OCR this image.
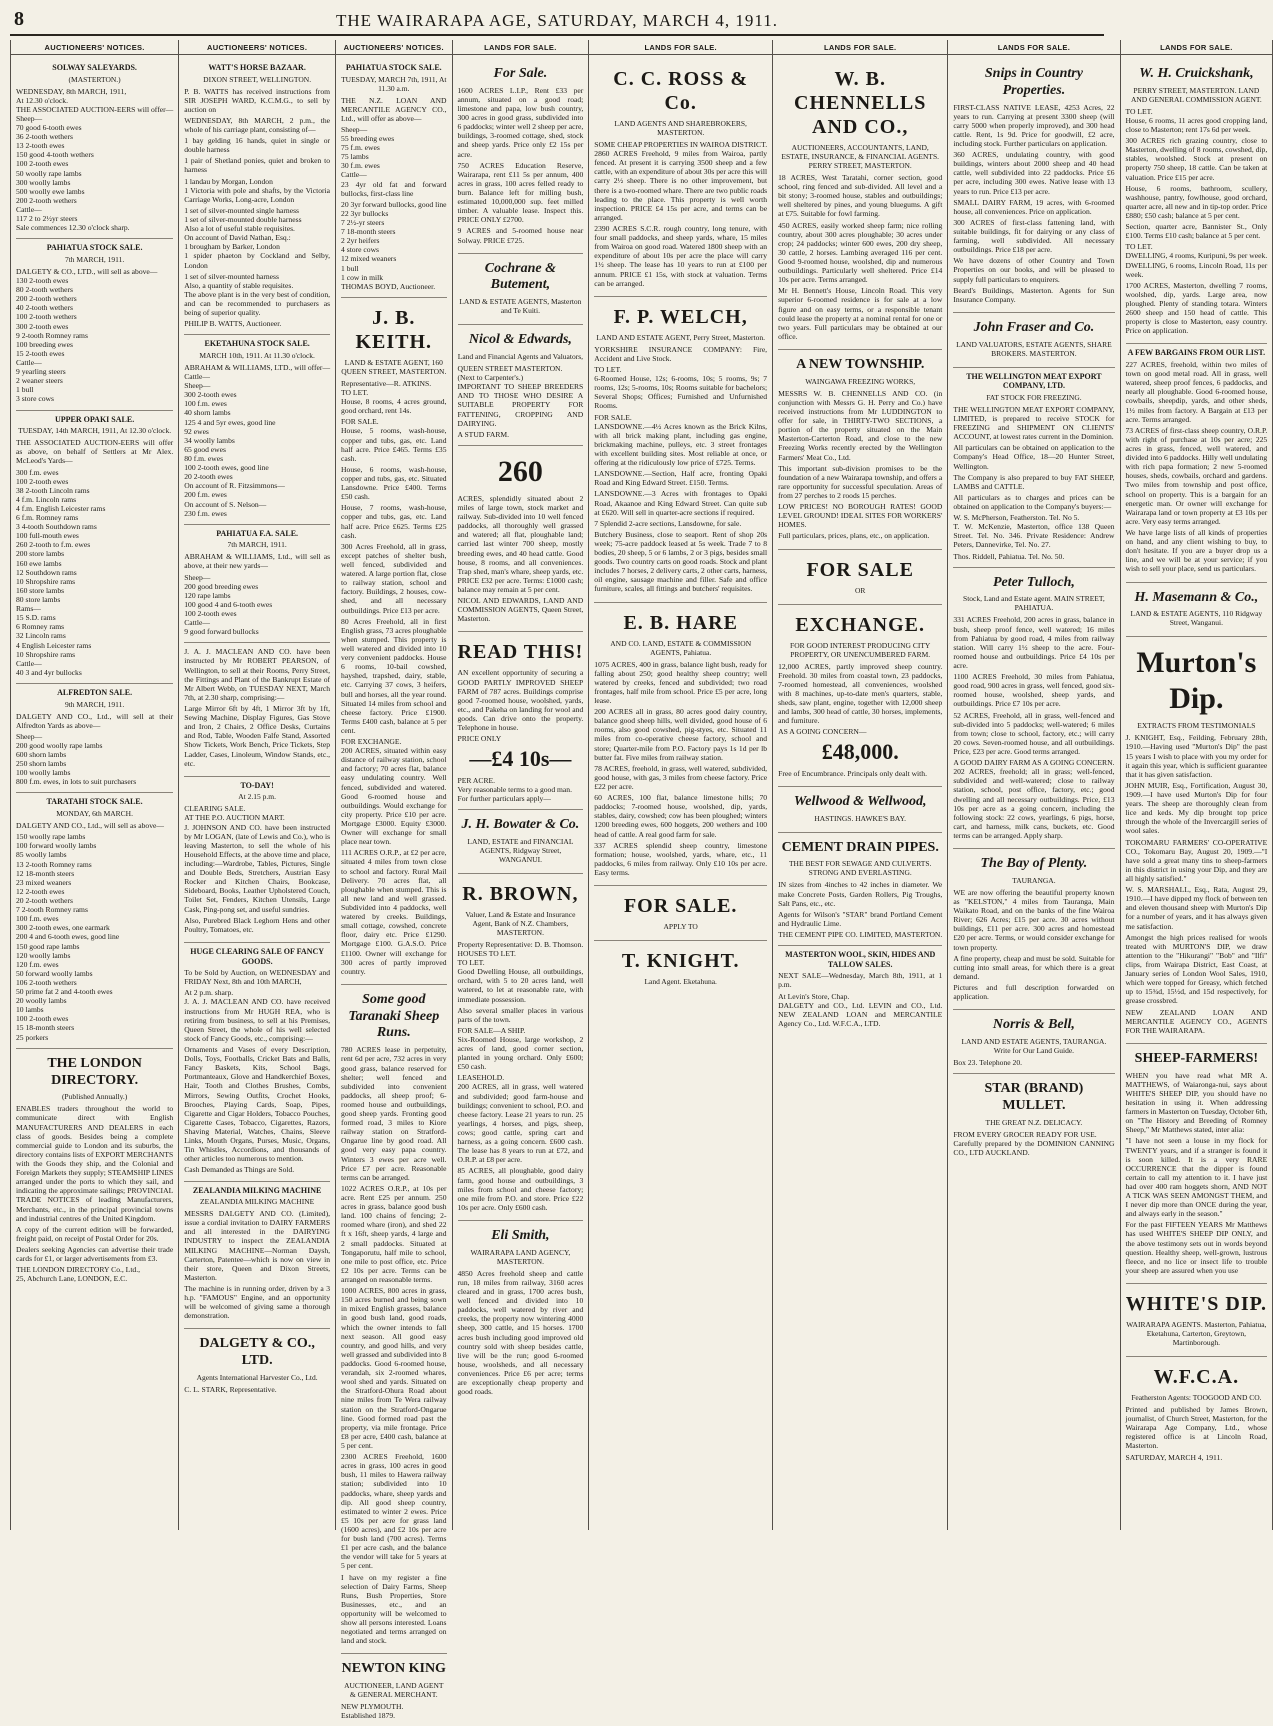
8	THE WAIRARAPA AGE, SATURDAY, MARCH 4, 1911.
AUCTIONEERS' NOTICES.
SOLWAY SALEYARDS.
(MASTERTON.)
WEDNESDAY, 8th MARCH, 1911,
At 12.30 o'clock.
THE ASSOCIATED AUCTION-EERS will offer—
Sheep—
70 good 6-tooth ewes
36 2-tooth wethers
13 2-tooth ewes
150 good 4-tooth wethers
100 2-tooth ewes
50 woolly rape lambs
300 woolly lambs
500 woolly ewe lambs
200 2-tooth wethers
Cattle—
117 2 to 2½yr steers
Sale commences 12.30 o'clock sharp.
PAHIATUA STOCK SALE.
7th MARCH, 1911.
DALGETY & CO., LTD., will sell as above—
130 2-tooth ewes
80 2-tooth wethers
200 2-tooth wethers
40 2-tooth wethers
100 2-tooth wethers
300 2-tooth ewes
9 2-tooth Romney rams
100 breeding ewes
15 2-tooth ewes
Cattle—
9 yearling steers
2 weaner steers
1 bull
3 store cows
UPPER OPAKI SALE.
TUESDAY, 14th MARCH, 1911, At 12.30 o'clock.
THE ASSOCIATED AUCTION-EERS will offer as above, on behalf of Settlers at Mr Alex. McLeod's Yards—
300 f.m. ewes
100 2-tooth ewes
38 2-tooth Lincoln rams
4 f.m. Lincoln rams
4 f.m. English Leicester rams
6 f.m. Romney rams
3 4-tooth Southdown rams
100 full-mouth ewes
260 2-tooth to f.m. ewes
200 store lambs
160 ewe lambs
12 Southdown rams
10 Shropshire rams
160 store lambs
80 store lambs
Rams—
15 S.D. rams
6 Romney rams
32 Lincoln rams
4 English Leicester rams
10 Shropshire rams
Cattle—
40 3 and 4yr bullocks
ALFREDTON SALE.
9th MARCH, 1911.
DALGETY AND CO., Ltd., will sell at their Alfredton Yards as above—
Sheep—
200 good woolly rape lambs
600 shorn lambs
250 shorn lambs
100 woolly lambs
800 f.m. ewes, in lots to suit purchasers
TARATAHI STOCK SALE.
MONDAY, 6th MARCH.
DALGETY AND CO., Ltd., will sell as above—
150 woolly rape lambs
100 forward woolly lambs
85 woolly lambs
13 2-tooth Romney rams
12 18-month steers
23 mixed weaners
12 2-tooth ewes
20 2-tooth wethers
7 2-tooth Romney rams
100 f.m. ewes
300 2-tooth ewes, one earmark
200 4 and 6-tooth ewes, good line
150 good rape lambs
120 woolly lambs
120 f.m. ewes
50 forward woolly lambs
106 2-tooth wethers
50 prime fat 2 and 4-tooth ewes
20 woolly lambs
10 lambs
100 2-tooth ewes
15 18-month steers
25 porkers
THE LONDON DIRECTORY.
(Published Annually.)
ENABLES traders throughout the world to communicate direct with English MANUFACTURERS AND DEALERS in each class of goods. Besides being a complete commercial guide to London and its suburbs, the directory contains lists of EXPORT MERCHANTS with the Goods they ship, and the Colonial and Foreign Markets they supply; STEAMSHIP LINES arranged under the ports to which they sail, and indicating the approximate sailings; PROVINCIAL TRADE NOTICES of leading Manufacturers, Merchants, etc., in the principal provincial towns and industrial centres of the United Kingdom.
A copy of the current edition will be forwarded, freight paid, on receipt of Postal Order for 20s.
Dealers seeking Agencies can advertise their trade cards for £1, or larger advertisements from £3.
THE LONDON DIRECTORY Co., Ltd.,
25, Abchurch Lane, LONDON, E.C.
AUCTIONEERS' NOTICES.
WATT'S HORSE BAZAAR.
DIXON STREET, WELLINGTON.
P. B. WATTS has received instructions from SIR JOSEPH WARD, K.C.M.G., to sell by auction on
WEDNESDAY, 8th MARCH, 2 p.m., the whole of his carriage plant, consisting of—
1 bay gelding 16 hands, quiet in single or double harness
1 pair of Shetland ponies, quiet and broken to harness
1 landau by Morgan, London
1 Victoria with pole and shafts, by the Victoria Carriage Works, Long-acre, London
1 set of silver-mounted single harness
1 set of silver-mounted double harness
Also a lot of useful stable requisites.
On account of David Nathan, Esq.:
1 brougham by Barker, London
1 spider phaeton by Cockland and Selby, London
1 set of silver-mounted harness
Also, a quantity of stable requisites.
The above plant is in the very best of condition, and can be recommended to purchasers as being of superior quality.
PHILIP B. WATTS, Auctioneer.
EKETAHUNA STOCK SALE.
MARCH 10th, 1911. At 11.30 o'clock.
ABRAHAM & WILLIAMS, LTD., will offer—
Cattle—
Sheep—
300 2-tooth ewes
100 f.m. ewes
40 shorn lambs
125 4 and 5yr ewes, good line
92 ewes
34 woolly lambs
65 good ewes
80 f.m. ewes
100 2-tooth ewes, good line
20 2-tooth ewes
On account of R. Fitzsimmons—
200 f.m. ewes
On account of S. Nelson—
230 f.m. ewes
PAHIATUA F.A. SALE.
7th MARCH, 1911.
ABRAHAM & WILLIAMS, Ltd., will sell as above, at their new yards—
Sheep—
200 good breeding ewes
120 rape lambs
100 good 4 and 6-tooth ewes
100 2-tooth ewes
Cattle—
9 good forward bullocks
J. A. J. MACLEAN AND CO. have been instructed by Mr ROBERT PEARSON, of Wellington, to sell at their Rooms, Perry Street, the Fittings and Plant of the Bankrupt Estate of Mr Albert Webb, on TUESDAY NEXT, March 7th, at 2.30 sharp, comprising:—
Large Mirror 6ft by 4ft, 1 Mirror 3ft by 1ft, Sewing Machine, Display Figures, Gas Stove and Iron, 2 Chairs, 2 Office Desks, Curtains and Rod, Table, Wooden Falfe Stand, Assorted Show Tickets, Work Bench, Price Tickets, Step Ladder, Cases, Linoleum, Window Stands, etc., etc.
TO-DAY!
At 2.15 p.m.
CLEARING SALE.
AT THE P.O. AUCTION MART.
J. JOHNSON AND CO. have been instructed by Mr LOGAN, (late of Lewis and Co.), who is leaving Masterton, to sell the whole of his Household Effects, at the above time and place, including:—Wardrobe, Tables, Pictures, Single and Double Beds, Stretchers, Austrian Easy Rocker and Kitchen Chairs, Bookcase, Sideboard, Books, Leather Upholstered Couch, Toilet Set, Fenders, Kitchen Utensils, Large Cask, Ping-pong set, and useful sundries.
Also, Purebred Black Leghorn Hens and other Poultry, Tomatoes, etc.
HUGE CLEARING SALE OF FANCY GOODS.
To be Sold by Auction, on WEDNESDAY and FRIDAY Next, 8th and 10th MARCH,
At 2 p.m. sharp.
J. A. J. MACLEAN AND CO. have received instructions from Mr HUGH REA, who is retiring from business, to sell at his Premises, Queen Street, the whole of his well selected stock of Fancy Goods, etc., comprising:—
Ornaments and Vases of every Description, Dolls, Toys, Footballs, Cricket Bats and Balls, Fancy Baskets, Kits, School Bags, Portmanteaux, Glove and Handkerchief Boxes, Hair, Tooth and Clothes Brushes, Combs, Mirrors, Sewing Outfits, Crochet Hooks, Brooches, Playing Cards, Soap, Pipes, Cigarette and Cigar Holders, Tobacco Pouches, Cigarette Cases, Tobacco, Cigarettes, Razors, Shaving Material, Watches, Chains, Sleeve Links, Mouth Organs, Purses, Music, Organs, Tin Whistles, Accordions, and thousands of other articles too numerous to mention.
Cash Demanded as Things are Sold.
ZEALANDIA MILKING MACHINE
ZEALANDIA MILKING MACHINE
MESSRS DALGETY AND CO. (Limited), issue a cordial invitation to DAIRY FARMERS and all interested in the DAIRYING INDUSTRY to inspect the ZEALANDIA MILKING MACHINE—Norman Daysh, Carterton, Patentee—which is now on view in their store, Queen and Dixon Streets, Masterton.
The machine is in running order, driven by a 3 h.p. "FAMOUS" Engine, and an opportunity will be welcomed of giving same a thorough demonstration.
DALGETY & CO., LTD.
Agents International Harvester Co., Ltd.
C. L. STARK, Representative.
AUCTIONEERS' NOTICES.
PAHIATUA STOCK SALE.
TUESDAY, MARCH 7th, 1911, At 11.30 a.m.
THE N.Z. LOAN AND MERCANTILE AGENCY CO., Ltd., will offer as above—
Sheep—
55 breeding ewes
75 f.m. ewes
75 lambs
30 f.m. ewes
Cattle—
23 4yr old fat and forward bullocks, first-class line
20 3yr forward bullocks, good line
22 3yr bullocks
7 2½-yr steers
7 18-month steers
2 2yr heifers
4 store cows
12 mixed weaners
1 bull
1 cow in milk
THOMAS BOYD, Auctioneer.
J. B. KEITH.
LAND & ESTATE AGENT, 160 QUEEN STREET, MASTERTON.
Representative—R. ATKINS.
TO LET.
House, 8 rooms, 4 acres ground, good orchard, rent 14s.
FOR SALE.
House, 5 rooms, wash-house, copper and tubs, gas, etc. Land half acre. Price £465. Terms £35 cash.
House, 6 rooms, wash-house, copper and tubs, gas, etc. Situated Lansdowne. Price £400. Terms £50 cash.
House, 7 rooms, wash-house, copper and tubs, gas, etc. Land half acre. Price £625. Terms £25 cash.
300 Acres Freehold, all in grass, except patches of shelter bush, well fenced, subdivided and watered. A large portion flat, close to railway station, school and factory. Buildings, 2 houses, cow-shed, and all necessary outbuildings. Price £13 per acre.
80 Acres Freehold, all in first English grass, 73 acres ploughable when stumped. This property is well watered and divided into 10 very convenient paddocks. House 6 rooms, 10-bail cowshed, hayshed, trapshed, dairy, stable, etc. Carrying 37 cows, 3 heifers, bull and horses, all the year round. Situated 14 miles from school and cheese factory. Price £1900. Terms £400 cash, balance at 5 per cent.
FOR EXCHANGE.
200 ACRES, situated within easy distance of railway station, school and factory; 70 acres flat, balance easy undulating country. Well fenced, subdivided and watered. Good 6-roomed house and outbuildings. Would exchange for city property. Price £10 per acre. Mortgage £3000. Equity £3000. Owner will exchange for small place near town.
111 ACRES O.R.P., at £2 per acre, situated 4 miles from town close to school and factory. Rural Mail Delivery. 70 acres flat, all ploughable when stumped. This is all new land and well grassed. Subdivided into 4 paddocks, well watered by creeks. Buildings, small cottage, cowshed, concrete floor, dairy etc. Price £1290. Mortgage £100. G.A.S.O. Price £1100. Owner will exchange for 300 acres of partly improved country.
Some good Taranaki Sheep Runs.
780 ACRES lease in perpetuity, rent 6d per acre, 732 acres in very good grass, balance reserved for shelter; well fenced and subdivided into convenient paddocks, all sheep proof; 6-roomed house and outbuildings, good sheep yards. Fronting good formed road, 3 miles to Kiore railway station on Stratford-Ongarue line by good road. All good very easy papa country. Winters 3 ewes per acre well. Price £7 per acre. Reasonable terms can be arranged.
1022 ACRES O.R.P., at 10s per acre. Rent £25 per annum. 250 acres in grass, balance good bush land. 100 chains of fencing; 2-roomed whare (iron), and shed 22 ft x 16ft, sheep yards, 4 large and 2 small paddocks. Situated at Tongaporutu, half mile to school, one mile to post office, etc. Price £2 10s per acre. Terms can be arranged on reasonable terms.
1000 ACRES, 800 acres in grass, 150 acres burned and being sown in mixed English grasses, balance in good bush land, good roads, which the owner intends to fall next season. All good easy country, and good hills, and very well grassed and subdivided into 8 paddocks. Good 6-roomed house, verandah, six 2-roomed whares, wool shed and yards. Situated on the Stratford-Ohura Road about nine miles from Te Wera railway station on the Stratford-Ongarue line. Good formed road past the property, via mile frontage. Price £8 per acre, £400 cash, balance at 5 per cent.
2300 ACRES Freehold, 1600 acres in grass, 100 acres in good bush, 11 miles to Hawera railway station; subdivided into 10 paddocks, whare, sheep yards and dip. All good sheep country, estimated to winter 2 ewes. Price £5 10s per acre for grass land (1600 acres), and £2 10s per acre for bush land (700 acres). Terms £1 per acre cash, and the balance the vendor will take for 5 years at 5 per cent.
I have on my register a fine selection of Dairy Farms, Sheep Runs, Bush Properties, Store Businesses, etc., and an opportunity will be welcomed to show all persons interested. Loans negotiated and terms arranged on land and stock.
NEWTON KING
AUCTIONEER, LAND AGENT & GENERAL MERCHANT.
NEW PLYMOUTH.
Established 1879.
LANDS FOR SALE.
For Sale.
1600 ACRES L.I.P., Rent £33 per annum, situated on a good road; limestone and papa, low bush country, 300 acres in good grass, subdivided into 6 paddocks; winter well 2 sheep per acre, buildings, 3-roomed cottage, shed, stock and sheep yards. Price only £2 15s per acre.
750 ACRES Education Reserve, Wairarapa, rent £11 5s per annum, 400 acres in grass, 100 acres felled ready to burn. Balance left for milling bush, estimated 10,000,000 sup. feet milled timber. A valuable lease. Inspect this. PRICE ONLY £2700.
9 ACRES and 5-roomed house near Solway. PRICE £725.
Cochrane & Butement,
LAND & ESTATE AGENTS, Masterton and Te Kuiti.
Nicol & Edwards,
Land and Financial Agents and Valuators,
QUEEN STREET MASTERTON.
(Next to Carpenter's.)
IMPORTANT TO SHEEP BREEDERS AND TO THOSE WHO DESIRE A SUITABLE PROPERTY FOR FATTENING, CROPPING AND DAIRYING.
A STUD FARM.
260
ACRES, splendidly situated about 2 miles of large town, stock market and railway. Sub-divided into 10 well fenced paddocks, all thoroughly well grassed and watered; all flat, ploughable land; carried last winter 700 sheep, mostly breeding ewes, and 40 head cattle. Good house, 8 rooms, and all conveniences. Trap shed, man's whare, sheep yards, etc. PRICE £32 per acre. Terms: £1000 cash; balance may remain at 5 per cent.
NICOL AND EDWARDS, LAND AND COMMISSION AGENTS, Queen Street, Masterton.
READ THIS!
AN excellent opportunity of securing a GOOD PARTLY IMPROVED SHEEP FARM of 787 acres. Buildings comprise good 7-roomed house, woolshed, yards, etc., and Pakeha on landing for wool and goods. Can drive onto the property. Telephone in house.
PRICE ONLY
—£4 10s—
PER ACRE.
Very reasonable terms to a good man.
For further particulars apply—
J. H. Bowater & Co.
LAND, ESTATE and FINANCIAL AGENTS, Ridgway Street, WANGANUI.
R. BROWN,
Valuer, Land & Estate and Insurance Agent, Bank of N.Z. Chambers, MASTERTON.
Property Representative: D. B. Thomson.
HOUSES TO LET.
TO LET.
Good Dwelling House, all outbuildings, orchard, with 5 to 20 acres land, well watered, to let at reasonable rate, with immediate possession.
Also several smaller places in various parts of the town.
FOR SALE—A SHIP.
Six-Roomed House, large workshop, 2 acres of land, good corner section, planted in young orchard. Only £600; £50 cash.
LEASEHOLD.
200 ACRES, all in grass, well watered and subdivided; good farm-house and buildings; convenient to school, P.O. and cheese factory. Lease 21 years to run. 25 yearlings, 4 horses, and pigs, sheep, cows; good cattle, spring cart and harness, as a going concern. £600 cash. The lease has 8 years to run at £72, and O.R.P. at £8 per acre.
85 ACRES, all ploughable, good dairy farm, good house and outbuildings, 3 miles from school and cheese factory; one mile from P.O. and store. Price £22 10s per acre. Only £600 cash.
Eli Smith,
WAIRARAPA LAND AGENCY, MASTERTON.
4850 Acres freehold sheep and cattle run, 18 miles from railway, 3160 acres cleared and in grass, 1700 acres bush, well fenced and divided into 10 paddocks, well watered by river and creeks, the property now wintering 4000 sheep, 300 cattle, and 15 horses. 1700 acres bush including good improved old country sold with sheep besides cattle, live will be the run; good 6-roomed house, woolsheds, and all necessary conveniences. Price £6 per acre; terms are exceptionally cheap property and good roads.
LANDS FOR SALE.
C. C. ROSS & Co.
LAND AGENTS AND SHAREBROKERS, MASTERTON.
SOME CHEAP PROPERTIES IN WAIROA DISTRICT.
2860 ACRES Freehold, 9 miles from Wairoa, partly fenced. At present it is carrying 3500 sheep and a few cattle, with an expenditure of about 30s per acre this will carry 2½ sheep. There is no other improvement, but there is a two-roomed whare. There are two public roads leading to the place. This property is well worth inspection. PRICE £4 15s per acre, and terms can be arranged.
2390 ACRES S.C.R. rough country, long tenure, with four small paddocks, and sheep yards, whare, 15 miles from Wairoa on good road. Watered 1800 sheep with an expenditure of about 10s per acre the place will carry 1½ sheep. The lease has 10 years to run at £100 per annum. PRICE £1 15s, with stock at valuation. Terms can be arranged.
F. P. WELCH,
LAND AND ESTATE AGENT, Perry Street, Masterton.
YORKSHIRE INSURANCE COMPANY: Fire, Accident and Live Stock.
TO LET.
6-Roomed House, 12s; 6-rooms, 10s; 5 rooms, 9s; 7 rooms, 12s; 5-rooms, 10s; Rooms suitable for bachelors; Several Shops; Offices; Furnished and Unfurnished Rooms.
FOR SALE.
LANSDOWNE.—4½ Acres known as the Brick Kilns, with all brick making plant, including gas engine, brickmaking machine, pulleys, etc. 3 street frontages with excellent building sites. Most reliable at once, or offering at the ridiculously low price of £725. Terms.
LANSDOWNE.—Section, Half acre, fronting Opaki Road and King Edward Street. £150. Terms.
LANSDOWNE.—3 Acres with frontages to Opaki Road, Akaanoe and King Edward Street. Can quite sub at £620. Will sell in quarter-acre sections if required.
7 Splendid 2-acre sections, Lansdowne, for sale.
Butchery Business, close to seaport. Rent of shop 20s week; 75-acre paddock leased at 5s week. Trade 7 to 8 bodies, 20 sheep, 5 or 6 lambs, 2 or 3 pigs, besides small goods. Two country carts on good roads. Stock and plant includes 7 horses, 2 delivery carts, 2 other carts, harness, oil engine, sausage machine and filler. Safe and office furniture, scales, all fittings and butchers' requisites.
E. B. HARE
AND CO. LAND, ESTATE & COMMISSION AGENTS, Pahiatua.
1075 ACRES, 400 in grass, balance light bush, ready for falling about 250; good healthy sheep country; well watered by creeks, fenced and subdivided; two road frontages, half mile from school. Price £5 per acre, long lease.
200 ACRES all in grass, 80 acres good dairy country, balance good sheep hills, well divided, good house of 6 rooms, also good cowshed, pig-styes, etc. Situated 11 miles from co-operative cheese factory, school and store; Quarter-mile from P.O. Factory pays 1s 1d per lb butter fat. Five miles from railway station.
78 ACRES, freehold, in grass, well watered, subdivided, good house, with gas, 3 miles from cheese factory. Price £22 per acre.
60 ACRES, 100 flat, balance limestone hills; 70 paddocks; 7-roomed house, woolshed, dip, yards, stables, dairy, cowshed; cow has been ploughed; winters 1200 breeding ewes, 600 hoggets, 200 wethers and 100 head of cattle. A real good farm for sale.
337 ACRES splendid sheep country, limestone formation; house, woolshed, yards, whare, etc., 11 paddocks, 6 miles from railway. Only £10 10s per acre. Easy terms.
FOR SALE.
APPLY TO
T. KNIGHT.
Land Agent. Eketahuna.
LANDS FOR SALE.
W. B. CHENNELLS AND CO.,
AUCTIONEERS, ACCOUNTANTS, LAND, ESTATE, INSURANCE, & FINANCIAL AGENTS. PERRY STREET, MASTERTON.
18 ACRES, West Taratahi, corner section, good school, ring fenced and sub-divided. All level and a bit stony; 3-roomed house, stables and outbuildings; well sheltered by pines, and young bluegums. A gift at £75. Suitable for fowl farming.
450 ACRES, easily worked sheep farm; nice rolling country, about 300 acres ploughable; 30 acres under crop; 24 paddocks; winter 600 ewes, 200 dry sheep, 30 cattle, 2 horses. Lambing averaged 116 per cent. Good 9-roomed house, woolshed, dip and numerous outbuildings. Particularly well sheltered. Price £14 10s per acre. Terms arranged.
Mr H. Bennett's House, Lincoln Road. This very superior 6-roomed residence is for sale at a low figure and on easy terms, or a responsible tenant could lease the property at a nominal rental for one or two years. Full particulars may be obtained at our office.
A NEW TOWNSHIP.
WAINGAWA FREEZING WORKS,
MESSRS W. B. CHENNELLS AND CO. (in conjunction with Messrs G. H. Perry and Co.) have received instructions from Mr LUDDINGTON to offer for sale, in THIRTY-TWO SECTIONS, a portion of the property situated on the Main Masterton-Carterton Road, and close to the new Freezing Works recently erected by the Wellington Farmers' Meat Co., Ltd.
This important sub-division promises to be the foundation of a new Wairarapa township, and offers a rare opportunity for successful speculation. Areas of from 27 perches to 2 roods 15 perches.
LOW PRICES! NO BOROUGH RATES! GOOD LEVEL GROUND! IDEAL SITES FOR WORKERS' HOMES.
Full particulars, prices, plans, etc., on application.
FOR SALE
OR
EXCHANGE.
FOR GOOD INTEREST PRODUCING CITY PROPERTY, OR UNENCUMBERED FARM.
12,000 ACRES, partly improved sheep country. Freehold. 30 miles from coastal town, 23 paddocks, 7-roomed homestead, all conveniences, woolshed with 8 machines, up-to-date men's quarters, stable, sheds, saw plant, engine, together with 12,000 sheep and lambs, 300 head of cattle, 30 horses, implements, and furniture.
AS A GOING CONCERN—
£48,000.
Free of Encumbrance. Principals only dealt with.
Wellwood & Wellwood,
HASTINGS. HAWKE'S BAY.
CEMENT DRAIN PIPES.
THE BEST FOR SEWAGE AND CULVERTS. STRONG AND EVERLASTING.
IN sizes from 4inches to 42 inches in diameter. We make Concrete Posts, Garden Rollers, Pig Troughs, Salt Pans, etc., etc.
Agents for Wilson's "STAR" brand Portland Cement and Hydraulic Lime.
THE CEMENT PIPE CO. LIMITED, MASTERTON.
MASTERTON WOOL, SKIN, HIDES AND TALLOW SALES.
NEXT SALE—Wednesday, March 8th, 1911, at 1 p.m.
At Levin's Store, Chap.
DALGETY and CO., Ltd. LEVIN and CO., Ltd. NEW ZEALAND LOAN and MERCANTILE Agency Co., Ltd. W.F.C.A., LTD.
LANDS FOR SALE.
Snips in Country Properties.
FIRST-CLASS NATIVE LEASE, 4253 Acres, 22 years to run. Carrying at present 3300 sheep (will carry 5000 when properly improved), and 300 head cattle. Rent, 1s 9d. Price for goodwill, £2 acre, including stock. Further particulars on application.
360 ACRES, undulating country, with good buildings, winters about 2000 sheep and 40 head cattle, well subdivided into 22 paddocks. Price £6 per acre, including 300 ewes. Native lease with 13 years to run. Price £13 per acre.
SMALL DAIRY FARM, 19 acres, with 6-roomed house, all conveniences. Price on application.
300 ACRES of first-class fattening land, with suitable buildings, fit for dairying or any class of farming, well subdivided. All necessary outbuildings. Price £18 per acre.
We have dozens of other Country and Town Properties on our books, and will be pleased to supply full particulars to enquirers.
Beard's Buildings, Masterton. Agents for Sun Insurance Company.
John Fraser and Co.
LAND VALUATORS, ESTATE AGENTS, SHARE BROKERS. MASTERTON.
THE WELLINGTON MEAT EXPORT COMPANY, LTD.
FAT STOCK FOR FREEZING.
THE WELLINGTON MEAT EXPORT COMPANY, LIMITED, is prepared to receive STOCK for FREEZING and SHIPMENT ON CLIENTS' ACCOUNT, at lowest rates current in the Dominion.
All particulars can be obtained on application to the Company's Head Office, 18—20 Hunter Street, Wellington.
The Company is also prepared to buy FAT SHEEP, LAMBS and CATTLE.
All particulars as to charges and prices can be obtained on application to the Company's buyers:—
W. S. McPherson, Featherston. Tel. No 5.
T. W. McKenzie, Masterton, office 138 Queen Street. Tel. No. 346. Private Residence: Andrew Peters, Dannevirke, Tel. No. 27.
Thos. Riddell, Pahiatua. Tel. No. 50.
Peter Tulloch,
Stock, Land and Estate agent. MAIN STREET, PAHIATUA.
331 ACRES Freehold, 200 acres in grass, balance in bush, sheep proof fence, well watered; 16 miles from Pahiatua by good road, 4 miles from railway station. Will carry 1½ sheep to the acre. Four-roomed house and outbuildings. Price £4 10s per acre.
1100 ACRES Freehold, 30 miles from Pahiatua, good road, 900 acres in grass, well fenced, good six-roomed house, woolshed, sheep yards, and outbuildings. Price £7 10s per acre.
52 ACRES, Freehold, all in grass, well-fenced and sub-divided into 5 paddocks; well-watered; 6 miles from town; close to school, factory, etc.; will carry 20 cows. Seven-roomed house, and all outbuildings. Price, £23 per acre. Good terms arranged.
A GOOD DAIRY FARM AS A GOING CONCERN.
202 ACRES, freehold; all in grass; well-fenced, subdivided and well-watered; close to railway station, school, post office, factory, etc.; good dwelling and all necessary outbuildings. Price, £13 10s per acre as a going concern, including the following stock: 22 cows, yearlings, 6 pigs, horse, cart, and harness, milk cans, buckets, etc. Good terms can be arranged. Apply sharp.
The Bay of Plenty.
TAURANGA.
WE are now offering the beautiful property known as "KELSTON," 4 miles from Tauranga, Main Waikato Road, and on the banks of the fine Wairoa River; 626 Acres; £15 per acre. 30 acres without buildings, £11 per acre. 300 acres and homestead £20 per acre. Terms, or would consider exchange for town property.
A fine property, cheap and must be sold. Suitable for cutting into small areas, for which there is a great demand.
Pictures and full description forwarded on application.
Norris & Bell,
LAND AND ESTATE AGENTS, TAURANGA. Write for Our Land Guide.
Box 23. Telephone 20.
STAR (BRAND) MULLET.
THE GREAT N.Z. DELICACY.
FROM EVERY GROCER READY FOR USE.
Carefully prepared by the DOMINION CANNING CO., LTD AUCKLAND.
LANDS FOR SALE.
W. H. Cruickshank,
PERRY STREET, MASTERTON. LAND AND GENERAL COMMISSION AGENT.
TO LET.
House, 6 rooms, 11 acres good cropping land, close to Masterton; rent 17s 6d per week.
300 ACRES rich grazing country, close to Masterton, dwelling of 8 rooms, cowshed, dip, stables, woolshed. Stock at present on property 750 sheep, 18 cattle. Can be taken at valuation. Price £15 per acre.
House, 6 rooms, bathroom, scullery, washhouse, pantry, fowlhouse, good orchard, quarter acre, all new and in tip-top order. Price £880; £50 cash; balance at 5 per cent.
Section, quarter acre, Bannister St., Only £100. Terms £10 cash; balance at 5 per cent.
TO LET.
DWELLING, 4 rooms, Kuripuni, 9s per week.
DWELLING, 6 rooms, Lincoln Road, 11s per week.
1700 ACRES, Masterton, dwelling 7 rooms, woolshed, dip, yards. Large area, now ploughed. Plenty of standing totara. Winters 2600 sheep and 150 head of cattle. This property is close to Masterton, easy country. Price on application.
A FEW BARGAINS FROM OUR LIST.
227 ACRES, freehold, within two miles of town on good metal road. All in grass, well watered, sheep proof fences, 6 paddocks, and nearly all ploughable. Good 6-roomed house, cowbails, sheepdip, yards, and other sheds, 1½ miles from factory. A Bargain at £13 per acre. Terms arranged.
73 ACRES of first-class sheep country, O.R.P. with right of purchase at 10s per acre; 225 acres in grass, fenced, well watered, and divided into 6 paddocks. Hilly well undulating with rich papa formation; 2 new 5-roomed houses, sheds, cowbails, orchard and gardens. Two miles from township and post office, school on property. This is a bargain for an energetic man. Or owner will exchange for Wairarapa land or town property at £3 10s per acre. Very easy terms arranged.
We have large lists of all kinds of properties on hand, and any client wishing to buy, to don't hesitate. If you are a buyer drop us a line, and we will be at your service; if you wish to sell your place, send us particulars.
H. Masemann & Co.,
LAND & ESTATE AGENTS, 110 Ridgway Street, Wanganui.
Murton's Dip.
EXTRACTS FROM TESTIMONIALS
J. KNIGHT, Esq., Feilding, February 28th, 1910.—Having used "Murton's Dip" the past 15 years I wish to place with you my order for it again this year, which is sufficient guarantee that it has given satisfaction.
JOHN MUIR, Esq., Fortification, August 30, 1909.—I have used Murton's Dip for four years. The sheep are thoroughly clean from lice and keds. My dip brought top price through the whole of the Invercargill series of wool sales.
TOKOMARU FARMERS' CO-OPERATIVE CO., Tokomaru Bay, August 20, 1909.—"I have sold a great many tins to sheep-farmers in this district in using your Dip, and they are all highly satisfied."
W. S. MARSHALL, Esq., Rata, August 29, 1910.—I have dipped my flock of between ten and eleven thousand sheep with Murton's Dip for a number of years, and it has always given me satisfaction.
Amongst the high prices realised for wools treated with MURTON'S DIP, we draw attention to the "Hikurangi" "Bob" and "Ilfi" clips, from Wairapa District, East Coast, at January series of London Wool Sales, 1910, which were topped for Greasy, which fetched up to 15¾d, 15½d, and 15d respectively, for grease crossbred.
NEW ZEALAND LOAN AND MERCANTILE AGENCY CO., AGENTS FOR THE WAIRARAPA.
SHEEP-FARMERS!
WHEN you have read what MR A. MATTHEWS, of Waiaronga-nui, says about WHITE'S SHEEP DIP, you should have no hesitation in using it. When addressing farmers in Masterton on Tuesday, October 6th, on "The History and Breeding of Romney Sheep," Mr Matthews stated, inter alia:
"I have not seen a louse in my flock for TWENTY years, and if a stranger is found it is soon killed. It is a very RARE OCCURRENCE that the dipper is found certain to call my attention to it. I have just had over 400 ram hoggets shorn, AND NOT A TICK WAS SEEN AMONGST THEM, and I never dip more than ONCE during the year, and always early in the season."
For the past FIFTEEN YEARS Mr Matthews has used WHITE'S SHEEP DIP ONLY, and the above testimony sets out in words beyond question. Healthy sheep, well-grown, lustrous fleece, and no lice or insect life to trouble your sheep are assured when you use
WHITE'S DIP.
WAIRARAPA AGENTS. Masterton, Pahiatua, Eketahuna, Carterton, Greytown, Martinborough.
W.F.C.A.
Featherston Agents: TOOGOOD AND CO.
Printed and published by James Brown, journalist, of Church Street, Masterton, for the Wairarapa Age Company, Ltd., whose registered office is at Lincoln Road, Masterton.
SATURDAY, MARCH 4, 1911.
